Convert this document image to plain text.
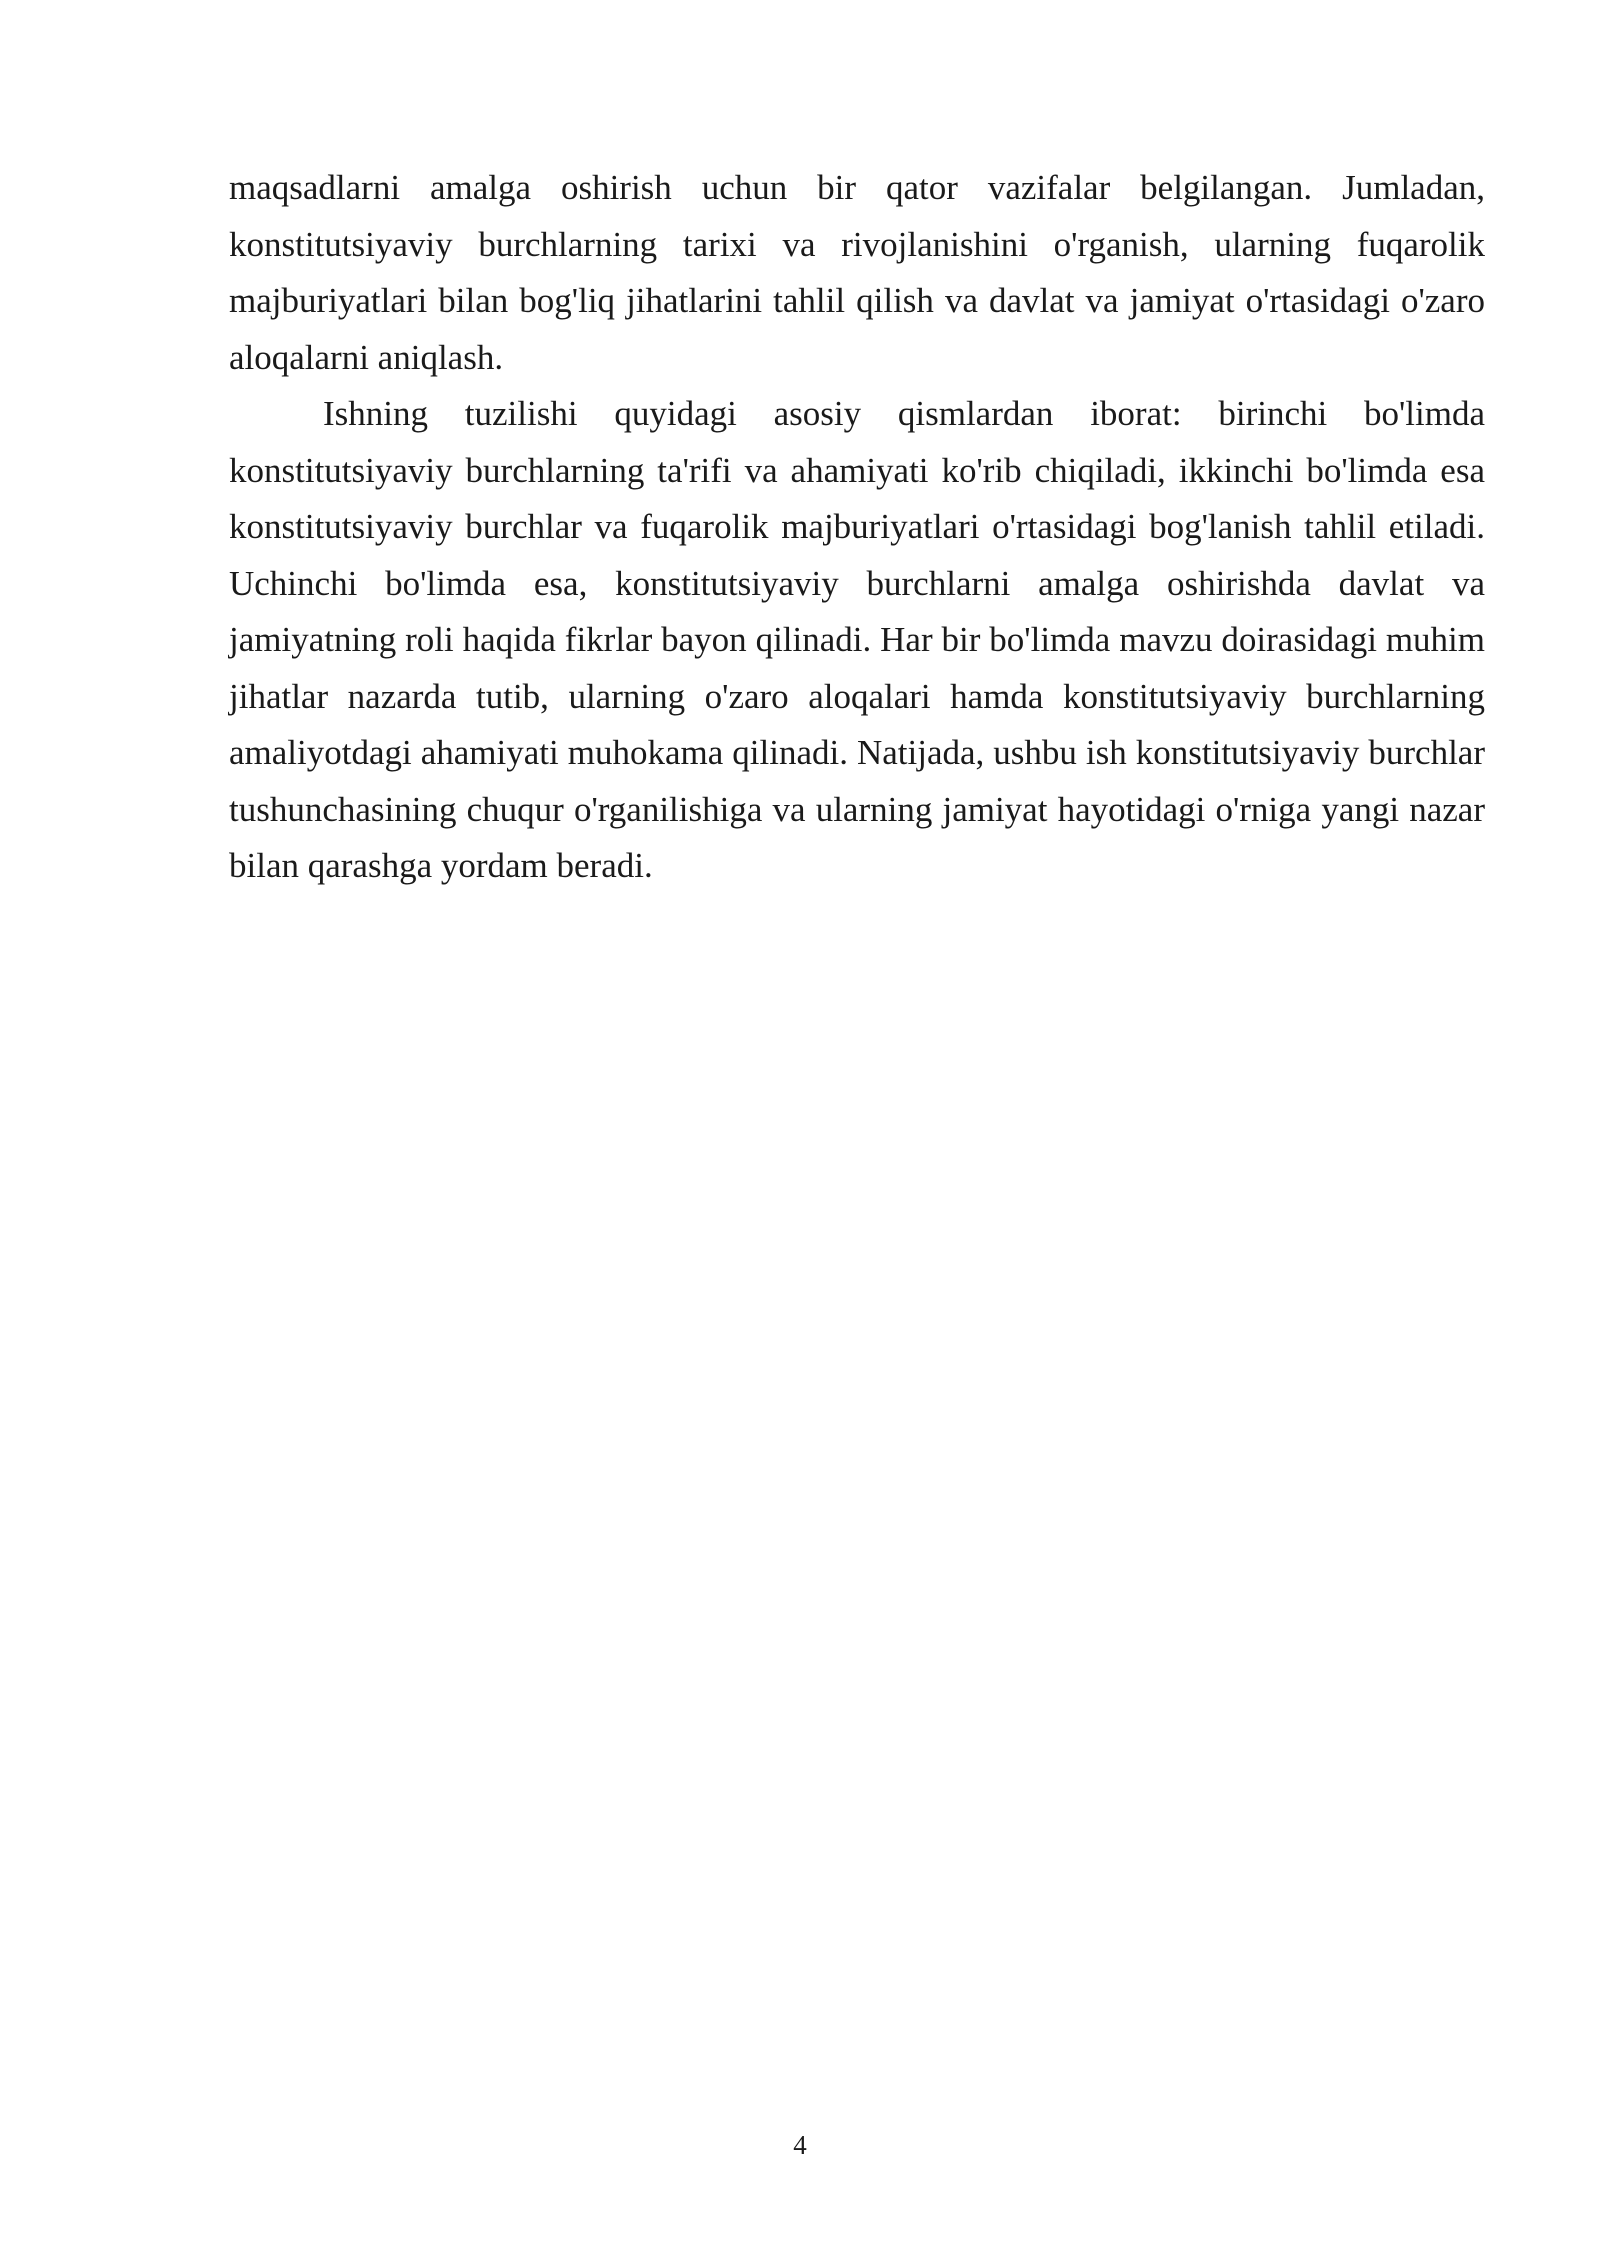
maqsadlarni amalga oshirish uchun bir qator vazifalar belgilangan. Jumladan, konstitutsiyaviy burchlarning tarixi va rivojlanishini o'rganish, ularning fuqarolik majburiyatlari bilan bog'liq jihatlarini tahlil qilish va davlat va jamiyat o'rtasidagi o'zaro aloqalarni aniqlash.

Ishning tuzilishi quyidagi asosiy qismlardan iborat: birinchi bo'limda konstitutsiyaviy burchlarning ta'rifi va ahamiyati ko'rib chiqiladi, ikkinchi bo'limda esa konstitutsiyaviy burchlar va fuqarolik majburiyatlari o'rtasidagi bog'lanish tahlil etiladi. Uchinchi bo'limda esa, konstitutsiyaviy burchlarni amalga oshirishda davlat va jamiyatning roli haqida fikrlar bayon qilinadi. Har bir bo'limda mavzu doirasidagi muhim jihatlar nazarda tutib, ularning o'zaro aloqalari hamda konstitutsiyaviy burchlarning amaliyotdagi ahamiyati muhokama qilinadi. Natijada, ushbu ish konstitutsiyaviy burchlar tushunchasining chuqur o'rganilishiga va ularning jamiyat hayotidagi o'rniga yangi nazar bilan qarashga yordam beradi.

4
